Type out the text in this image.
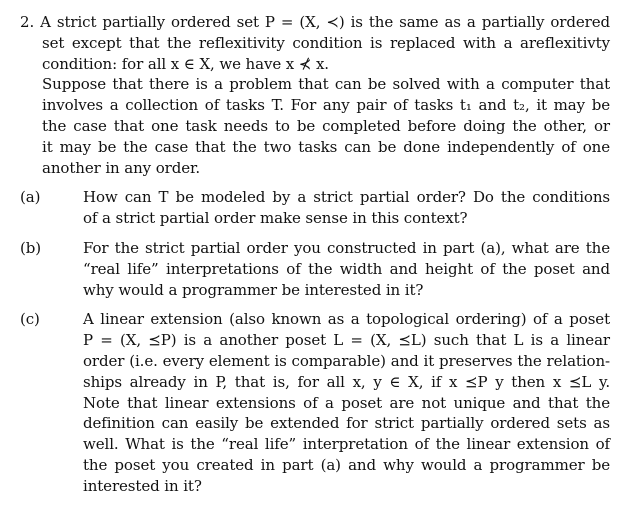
2. A strict partially ordered set P = (X, ≺) is the same as a partially ordered
set except that the reflexitivity condition is replaced with a areflexitivty
condition: for all x ∈ X, we have x ⊀ x.
Suppose that there is a problem that can be solved with a computer that
involves a collection of tasks T. For any pair of tasks t₁ and t₂, it may be
the case that one task needs to be completed before doing the other, or
it may be the case that the two tasks can be done independently of one
another in any order.
(a)	How can T be modeled by a strict partial order? Do the conditions
of a strict partial order make sense in this context?
(b)	For the strict partial order you constructed in part (a), what are the
“real life” interpretations of the width and height of the poset and
why would a programmer be interested in it?
(c)	A linear extension (also known as a topological ordering) of a poset
P = (X, ⪯P) is a another poset L = (X, ⪯L) such that L is a linear
order (i.e. every element is comparable) and it preserves the relation-
ships already in P, that is, for all x, y ∈ X, if x ⪯P y then x ⪯L y.
Note that linear extensions of a poset are not unique and that the
definition can easily be extended for strict partially ordered sets as
well. What is the “real life” interpretation of the linear extension of
the poset you created in part (a) and why would a programmer be
interested in it?
